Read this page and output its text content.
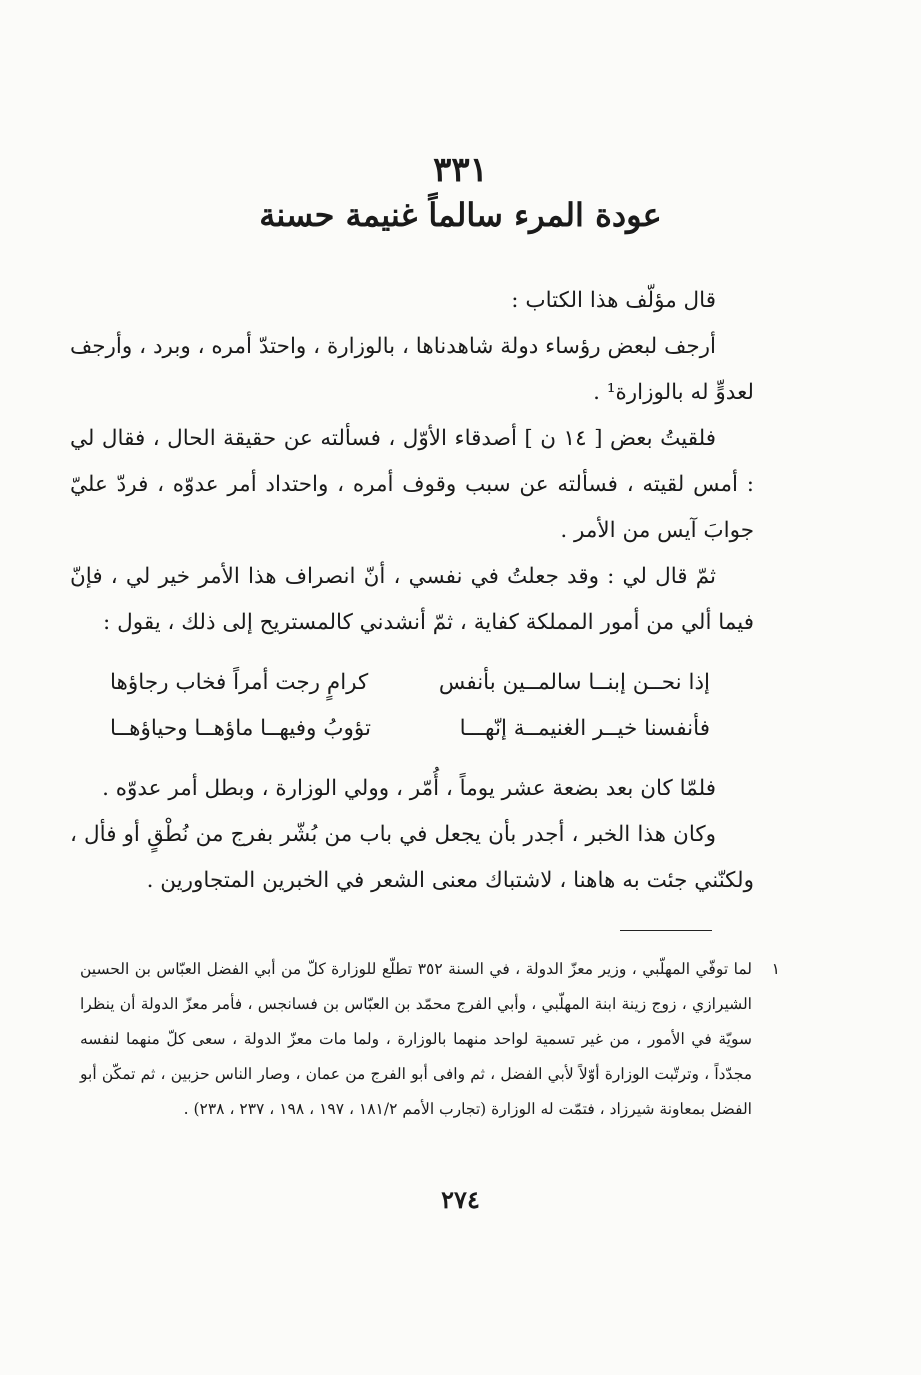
٣٣١
عودة المرء سالماً غنيمة حسنة

قال مؤلّف هذا الكتاب :

أرجف لبعض رؤساء دولة شاهدناها ، بالوزارة ، واحتدّ أمره ، وبرد ، وأرجف لعدوٍّ له بالوزارة¹ .

فلقيتُ بعض [ ١٤ ن ] أصدقاء الأوّل ، فسألته عن حقيقة الحال ، فقال لي : أمس لقيته ، فسألته عن سبب وقوف أمره ، واحتداد أمر عدوّه ، فردّ عليّ جوابَ آيس من الأمر .

ثمّ قال لي : وقد جعلتُ في نفسي ، أنّ انصراف هذا الأمر خير لي ، فإنّ فيما ألي من أمور المملكة كفاية ، ثمّ أنشدني كالمستريح إلى ذلك ، يقول :

إذا نحــن إبنــا سالمــين بأنفس
كرامٍ رجت أمراً فخاب رجاؤها
فأنفسنا خيــر الغنيمــة إنّهـــا
تؤوبُ وفيهــا ماؤهــا وحياؤهــا

فلمّا كان بعد بضعة عشر يوماً ، أُمّر ، وولي الوزارة ، وبطل أمر عدوّه .

وكان هذا الخبر ، أجدر بأن يجعل في باب من بُشّر بفرج من نُطْقٍ أو فأل ، ولكنّني جئت به هاهنا ، لاشتباك معنى الشعر في الخبرين المتجاورين .

١
لما توفّي المهلّبي ، وزير معزّ الدولة ، في السنة ٣٥٢ تطلّع للوزارة كلّ من أبي الفضل العبّاس بن الحسين الشيرازي ، زوج زينة ابنة المهلّبي ، وأبي الفرج محمّد بن العبّاس بن فسانجس ، فأمر معزّ الدولة أن ينظرا سويّة في الأمور ، من غير تسمية لواحد منهما بالوزارة ، ولما مات معزّ الدولة ، سعى كلّ منهما لنفسه مجدّداً ، وترتّبت الوزارة أوّلاً لأبي الفضل ، ثم وافى أبو الفرج من عمان ، وصار الناس حزبين ، ثم تمكّن أبو الفضل بمعاونة شيرزاد ، فتمّت له الوزارة (تجارب الأمم ١٨١/٢ ، ١٩٧ ، ١٩٨ ، ٢٣٧ ، ٢٣٨) .
٢٧٤
